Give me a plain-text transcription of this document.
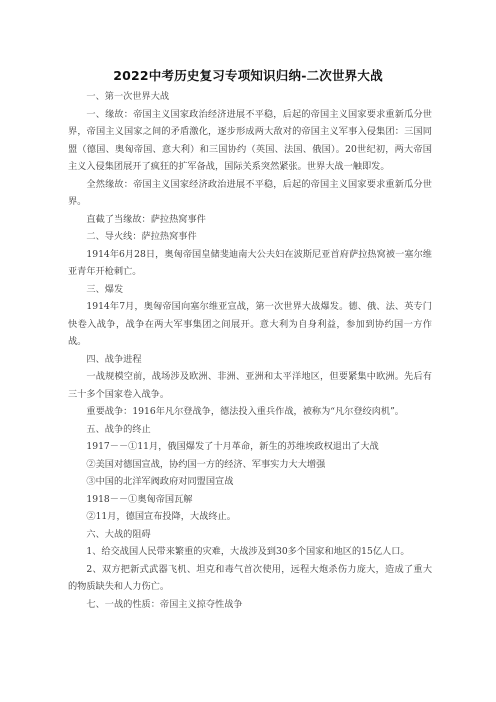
2022中考历史复习专项知识归纳-二次世界大战

一、第一次世界大战

一、缘故：帝国主义国家政治经济进展不平稳，后起的帝国主义国家要求重新瓜分世界，帝国主义国家之间的矛盾激化，逐步形成两大敌对的帝国主义军事入侵集团：三国同盟（德国、奥匈帝国、意大利）和三国协约（英国、法国、俄国）。20世纪初，两大帝国主义入侵集团展开了疯狂的扩军备战，国际关系突然紧张。世界大战一触即发。

全然缘故：帝国主义国家经济政治进展不平稳，后起的帝国主义国家要求重新瓜分世界。

直截了当缘故：萨拉热窝事件

二、导火线：萨拉热窝事件

1914年6月28日，奥匈帝国皇储斐迪南大公夫妇在波斯尼亚首府萨拉热窝被一塞尔维亚青年开枪刺亡。

三、爆发

1914年7月，奥匈帝国向塞尔维亚宣战，第一次世界大战爆发。德、俄、法、英专门快卷入战争，战争在两大军事集团之间展开。意大利为自身利益，参加到协约国一方作战。

四、战争进程

一战规模空前，战场涉及欧洲、非洲、亚洲和太平洋地区，但要紧集中欧洲。先后有三十多个国家卷入战争。

重要战争：1916年凡尔登战争，德法投入重兵作战，被称为“凡尔登绞肉机”。

五、战争的终止

1917－－①11月，俄国爆发了十月革命，新生的苏维埃政权退出了大战

②美国对德国宣战，协约国一方的经济、军事实力大大增强

③中国的北洋军阀政府对同盟国宣战

1918－－①奥匈帝国瓦解

②11月，德国宣布投降，大战终止。

六、大战的阻碍

1、给交战国人民带来繁重的灾难，大战涉及到30多个国家和地区的15亿人口。

2、双方把新式武器飞机、坦克和毒气首次使用，远程大炮杀伤力庞大，造成了重大的物质缺失和人力伤亡。

七、一战的性质：帝国主义掠夺性战争
